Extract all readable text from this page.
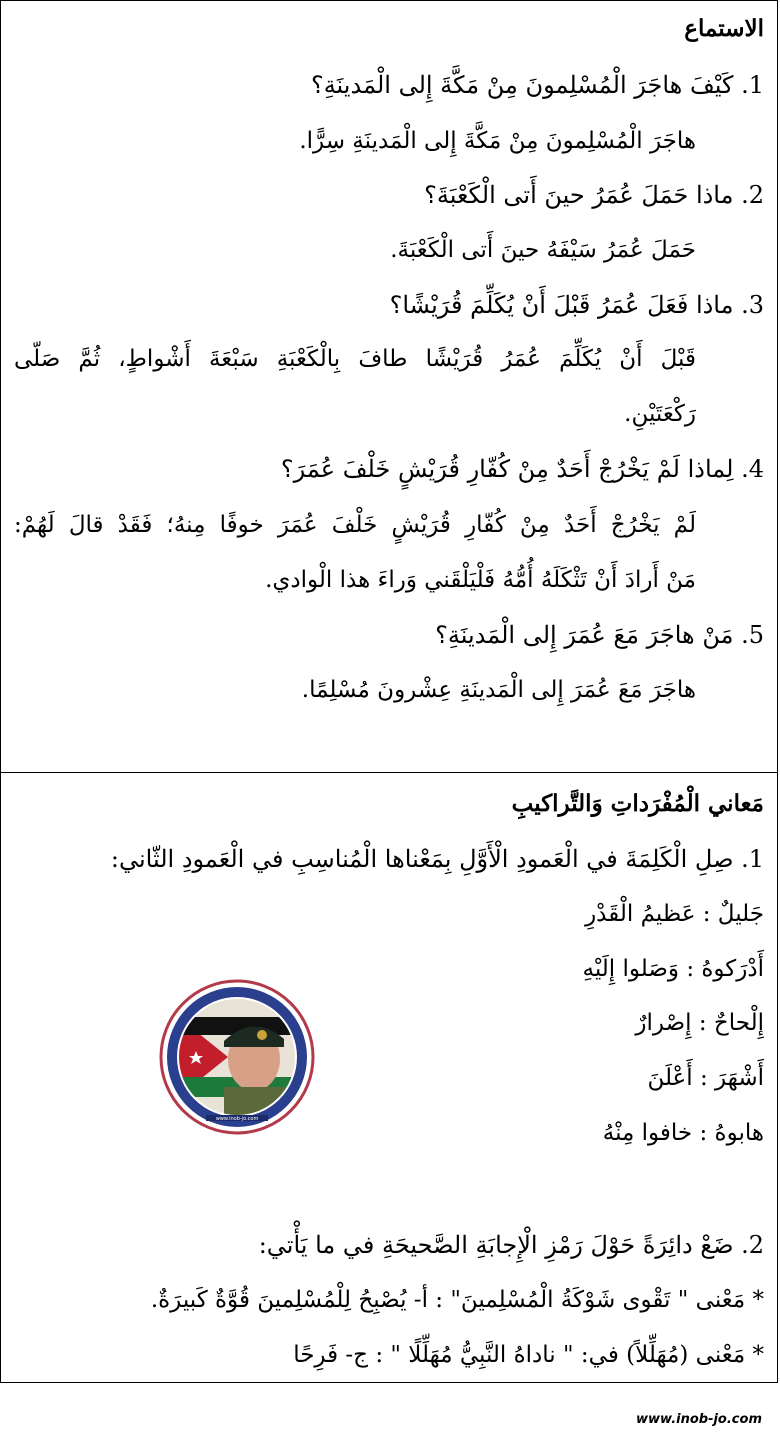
الاستماع
1. كَيْفَ هاجَرَ الْمُسْلِمونَ مِنْ مَكَّةَ إِلى الْمَدينَةِ؟
هاجَرَ الْمُسْلِمونَ مِنْ مَكَّةَ إِلى الْمَدينَةِ سِرًّا.
2. ماذا حَمَلَ عُمَرُ حينَ أَتى الْكَعْبَةَ؟
حَمَلَ عُمَرُ سَيْفَهُ حينَ أَتى الْكَعْبَةَ.
3. ماذا فَعَلَ عُمَرُ قَبْلَ أَنْ يُكَلِّمَ قُرَيْشًا؟
قَبْلَ أَنْ يُكَلِّمَ عُمَرُ قُرَيْشًا طافَ بِالْكَعْبَةِ سَبْعَةَ أَشْواطٍ، ثُمَّ صَلّى
رَكْعَتَيْنِ.
4. لِماذا لَمْ يَخْرُجْ أَحَدٌ مِنْ كُفّارِ قُرَيْشٍ خَلْفَ عُمَرَ؟
لَمْ يَخْرُجْ أَحَدٌ مِنْ كُفّارِ قُرَيْشٍ خَلْفَ عُمَرَ خوفًا مِنهُ؛ فَقَدْ قالَ لَهُمْ:
مَنْ أَرادَ أَنْ تَثْكَلَهُ أُمُّهُ فَلْيَلْقَني وَراءَ هذا الْوادي.
5. مَنْ هاجَرَ مَعَ عُمَرَ إِلى الْمَدينَةِ؟
هاجَرَ مَعَ عُمَرَ إِلى الْمَدينَةِ عِشْرونَ مُسْلِمًا.
مَعاني الْمُفْرَداتِ وَالتَّراكيبِ
1. صِلِ الْكَلِمَةَ في الْعَمودِ الْأَوَّلِ بِمَعْناها الْمُناسِبِ في الْعَمودِ الثّاني:
جَليلٌ : عَظيمُ الْقَدْرِ
أَدْرَكوهُ : وَصَلوا إِلَيْهِ
إِلْحاحٌ : إِصْرارٌ
أَشْهَرَ : أَعْلَنَ
هابوهُ : خافوا مِنْهُ
2. ضَعْ دائِرَةً حَوْلَ رَمْزِ الْإِجابَةِ الصَّحيحَةِ في ما يَأْتي:
* مَعْنى " تَقْوى شَوْكَةُ الْمُسْلِمينَ" : أ- يُصْبِحُ لِلْمُسْلِمينَ قُوَّةٌ كَبيرَةٌ.
* مَعْنى (مُهَلِّلاً) في: " ناداهُ النَّبِيُّ مُهَلِّلًا " : ج- فَرِحًا
www.inob-jo.com
www.inob-jo.com
